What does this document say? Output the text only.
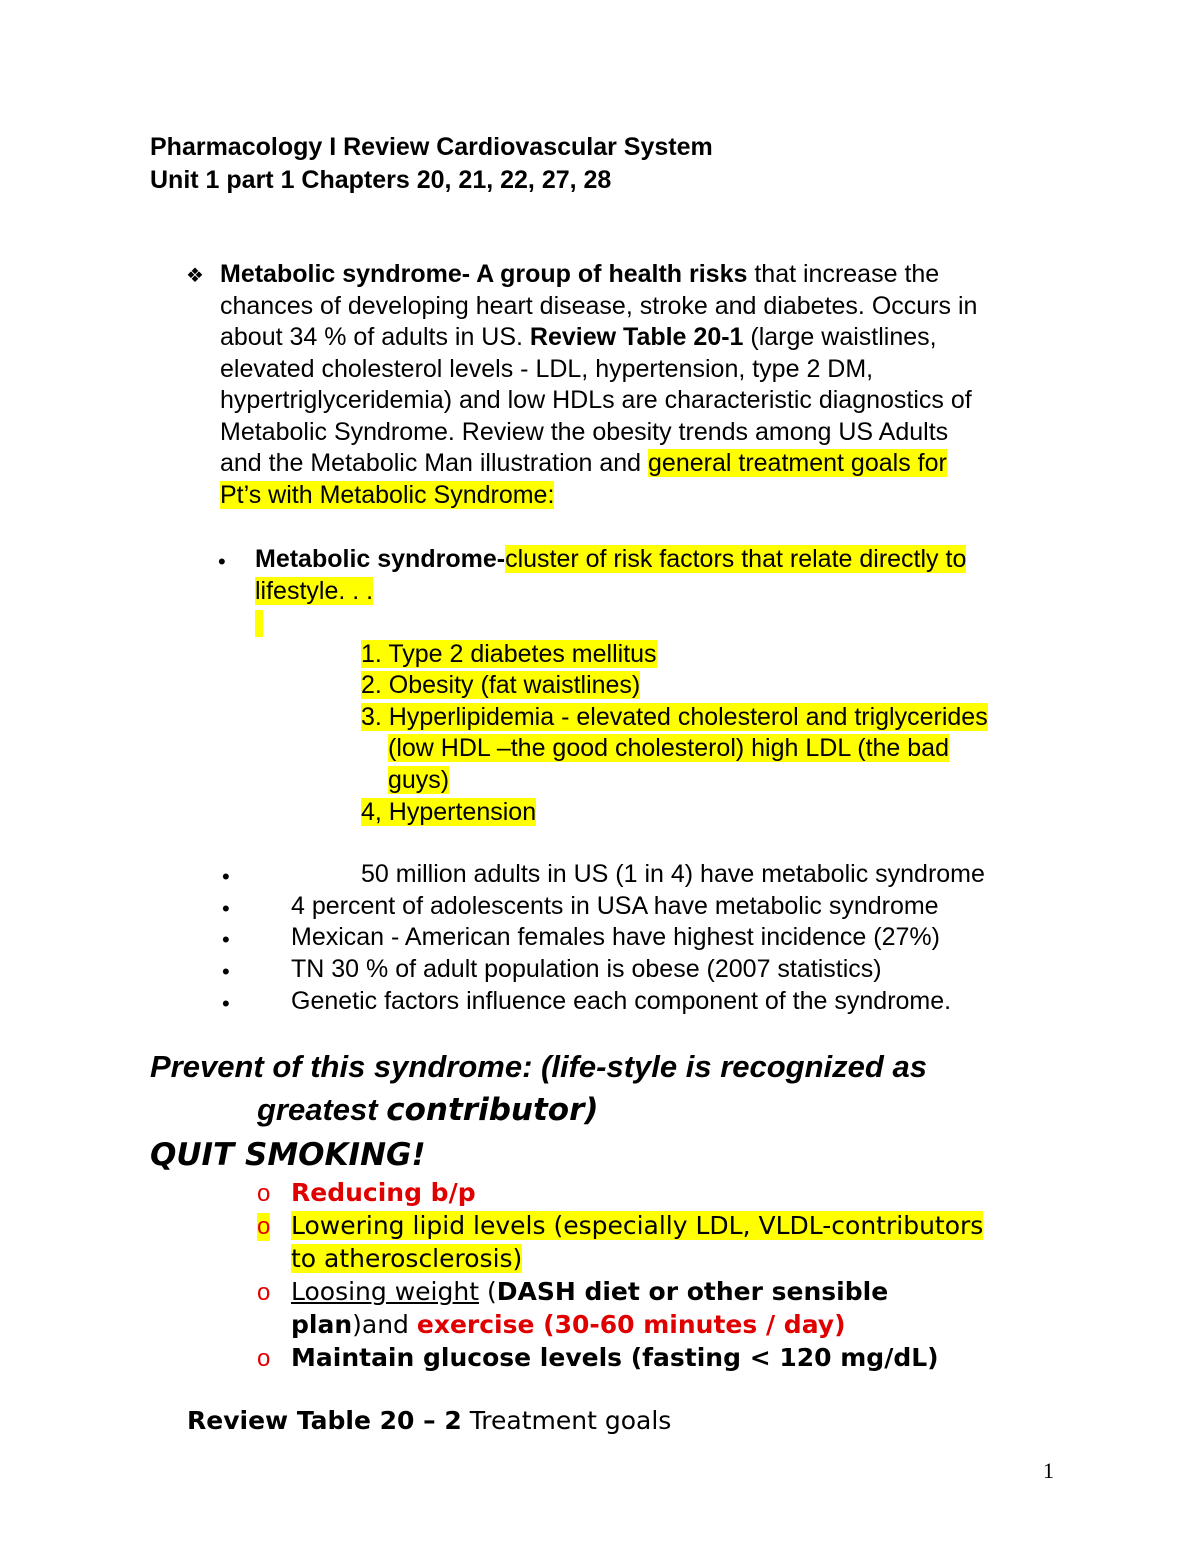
Pharmacology I Review Cardiovascular System
Unit 1 part 1 Chapters 20, 21, 22, 27, 28
❖ Metabolic syndrome- A group of health risks that increase the
chances of developing heart disease, stroke and diabetes. Occurs in
about 34 % of adults in US. Review Table 20-1 (large waistlines,
elevated cholesterol levels - LDL, hypertension, type 2 DM,
hypertriglyceridemia) and low HDLs are characteristic diagnostics of
Metabolic Syndrome. Review the obesity trends among US Adults
and the Metabolic Man illustration and general treatment goals for
Pt’s with Metabolic Syndrome:
• Metabolic syndrome-cluster of risk factors that relate directly to
lifestyle. . .
1. Type 2 diabetes mellitus
2. Obesity (fat waistlines)
3. Hyperlipidemia - elevated cholesterol and triglycerides
(low HDL –the good cholesterol) high LDL (the bad
guys)
4, Hypertension
•	50 million adults in US (1 in 4) have metabolic syndrome
• 4 percent of adolescents in USA have metabolic syndrome
• Mexican - American females have highest incidence (27%)
• TN 30 % of adult population is obese (2007 statistics)
• Genetic factors influence each component of the syndrome.
Prevent of this syndrome: (life-style is recognized as
greatest contributor)
QUIT SMOKING!
o Reducing b/p
o Lowering lipid levels (especially LDL, VLDL-contributors
to atherosclerosis)
o Loosing weight (DASH diet or other sensible
plan)and exercise (30-60 minutes / day)
o Maintain glucose levels (fasting < 120 mg/dL)
Review Table 20 – 2 Treatment goals
1
